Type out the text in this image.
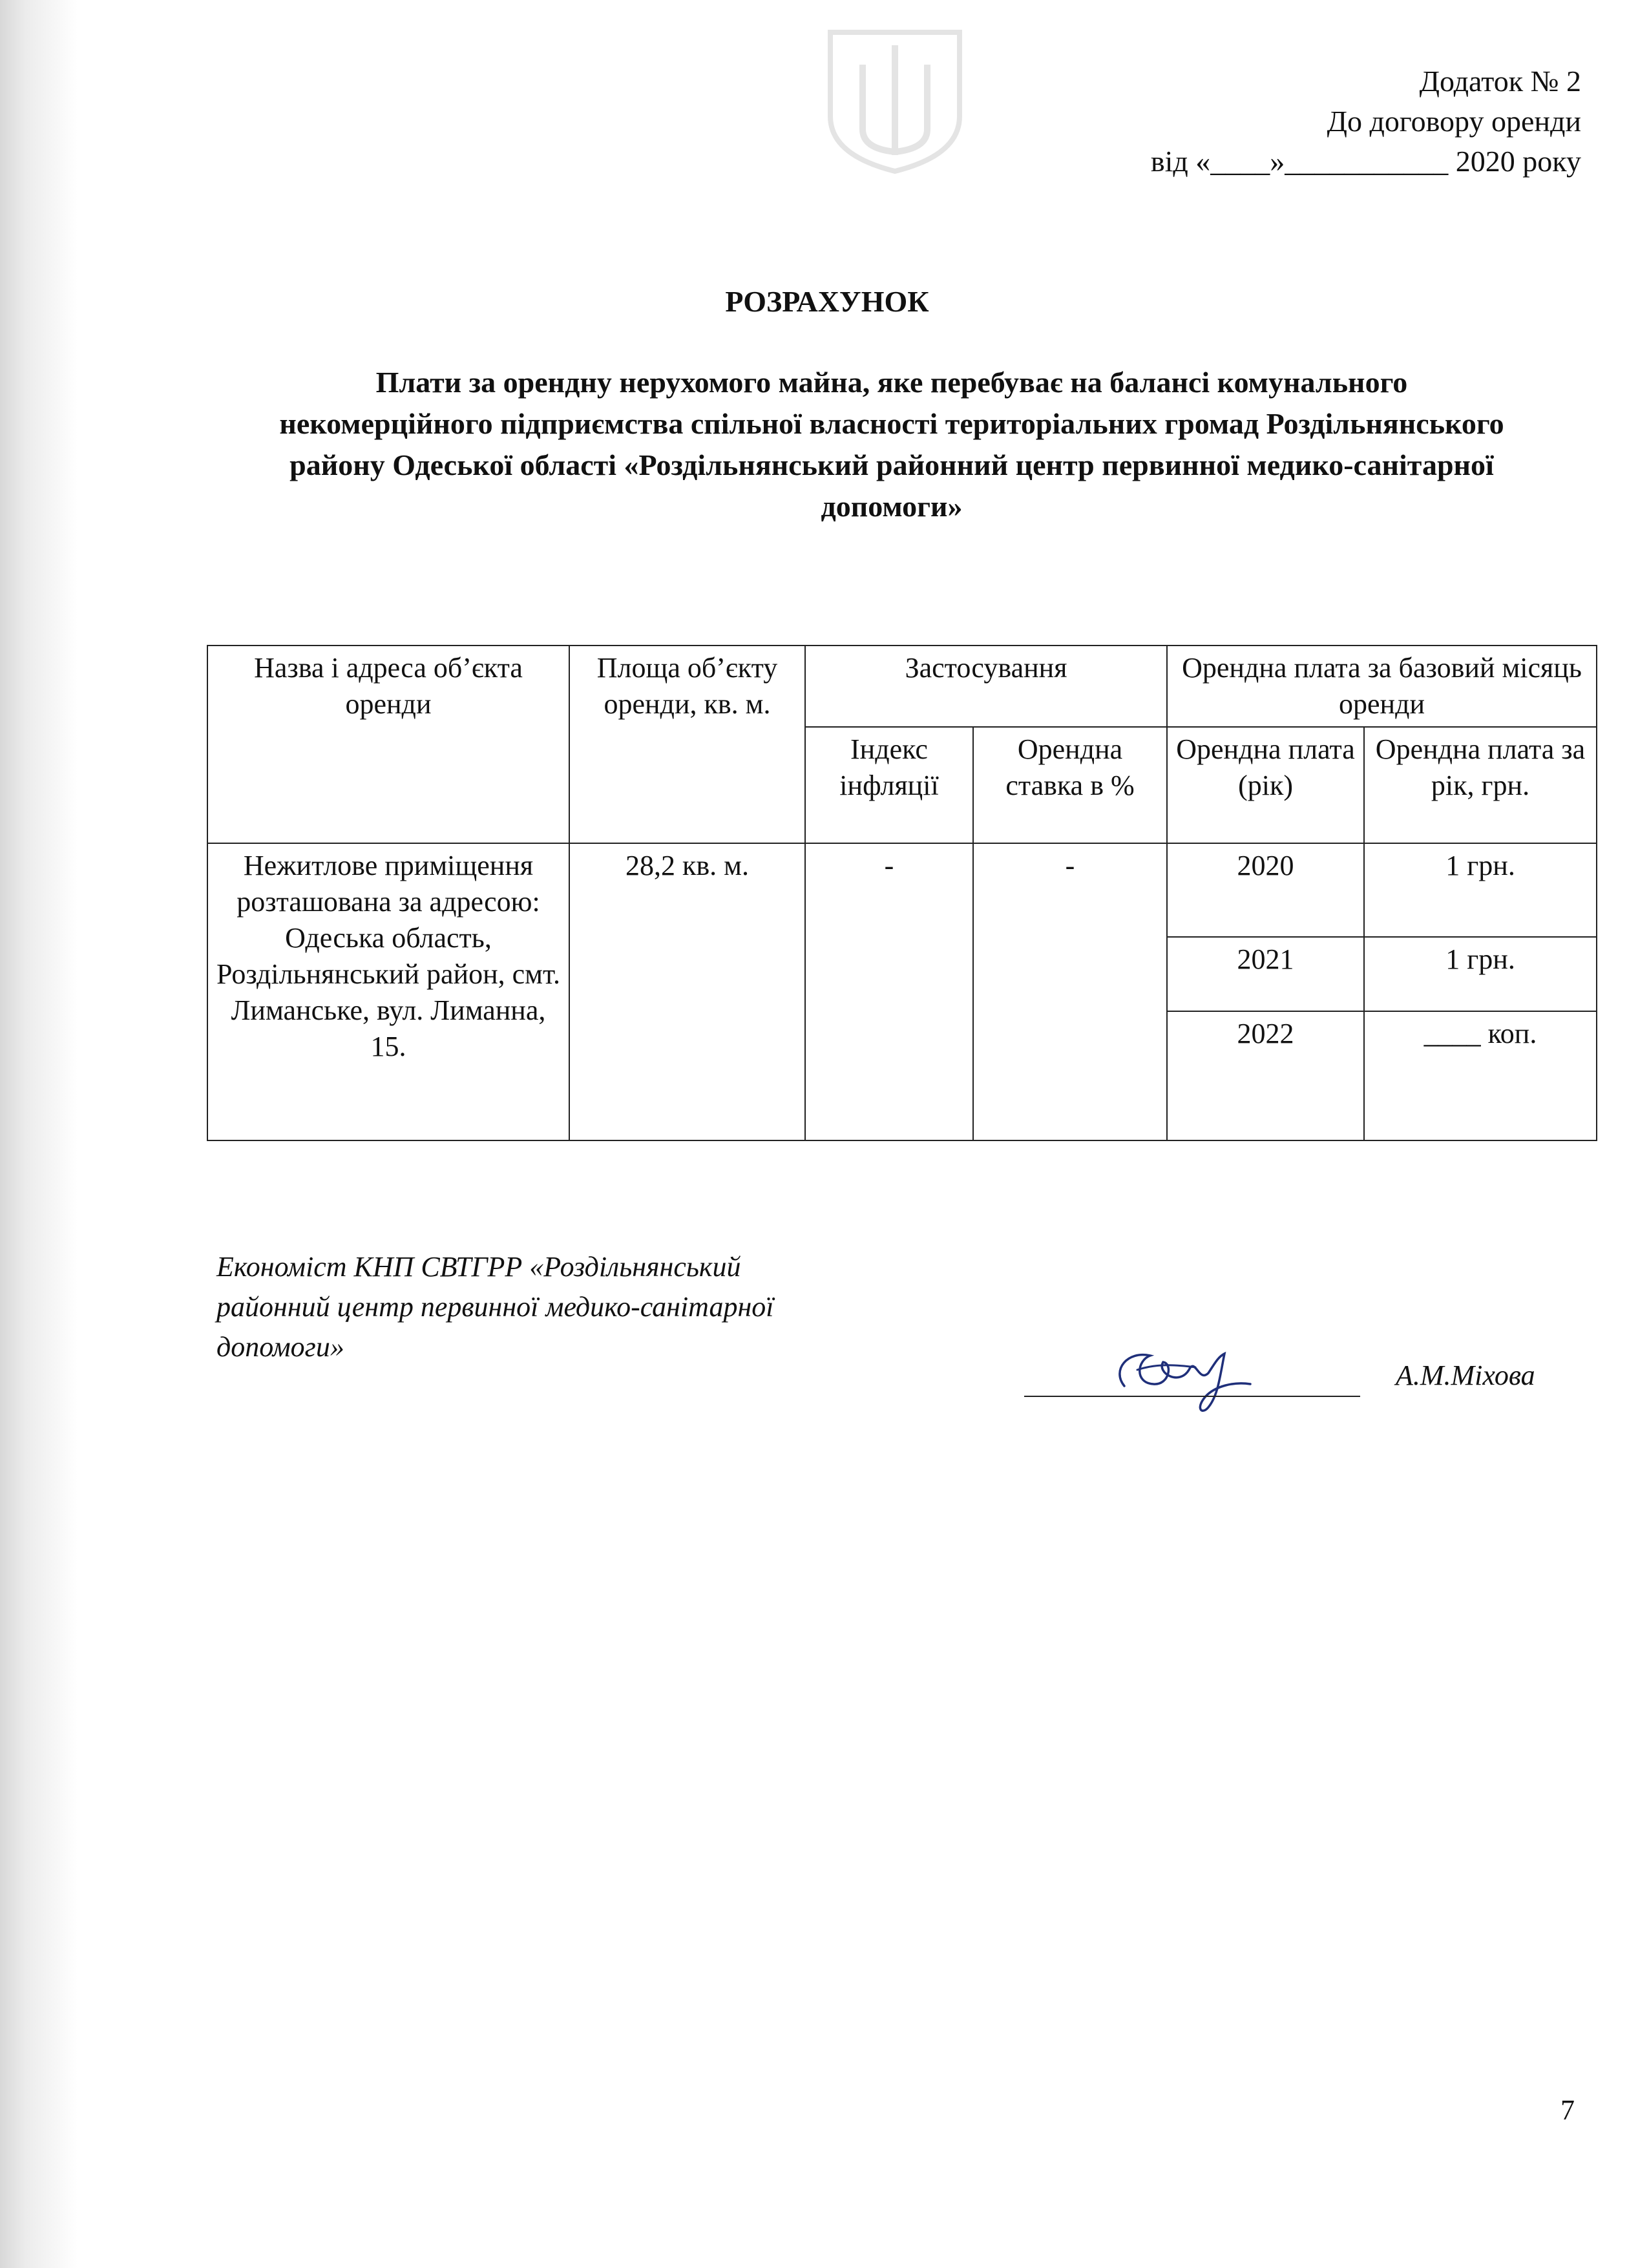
Додаток № 2
До договору оренди
від «____»___________ 2020 року
РОЗРАХУНОК
Плати за орендну нерухомого майна, яке перебуває на балансі комунального
некомерційного підприємства спільної власності територіальних громад Роздільнянського
району Одеської області «Роздільнянський районний центр первинної медико-санітарної
допомоги»
Назва і адреса об’єкта оренди	Площа об’єкту оренди, кв. м.	Застосування		Орендна плата за базовий місяць оренди	
		Індекс інфляції	Орендна ставка в %	Орендна плата (рік)	Орендна плата за рік, грн.
Нежитлове приміщення розташована за адресою: Одеська область, Роздільнянський район, смт. Лиманське, вул. Лиманна, 15.	28,2 кв. м.	-	-	2020	1 грн.
				2021	1 грн.
				2022	____ коп.
Економіст КНП СВТГРР «Роздільнянський
районний центр первинної медико-санітарної
допомоги»
А.М.Міхова
7
